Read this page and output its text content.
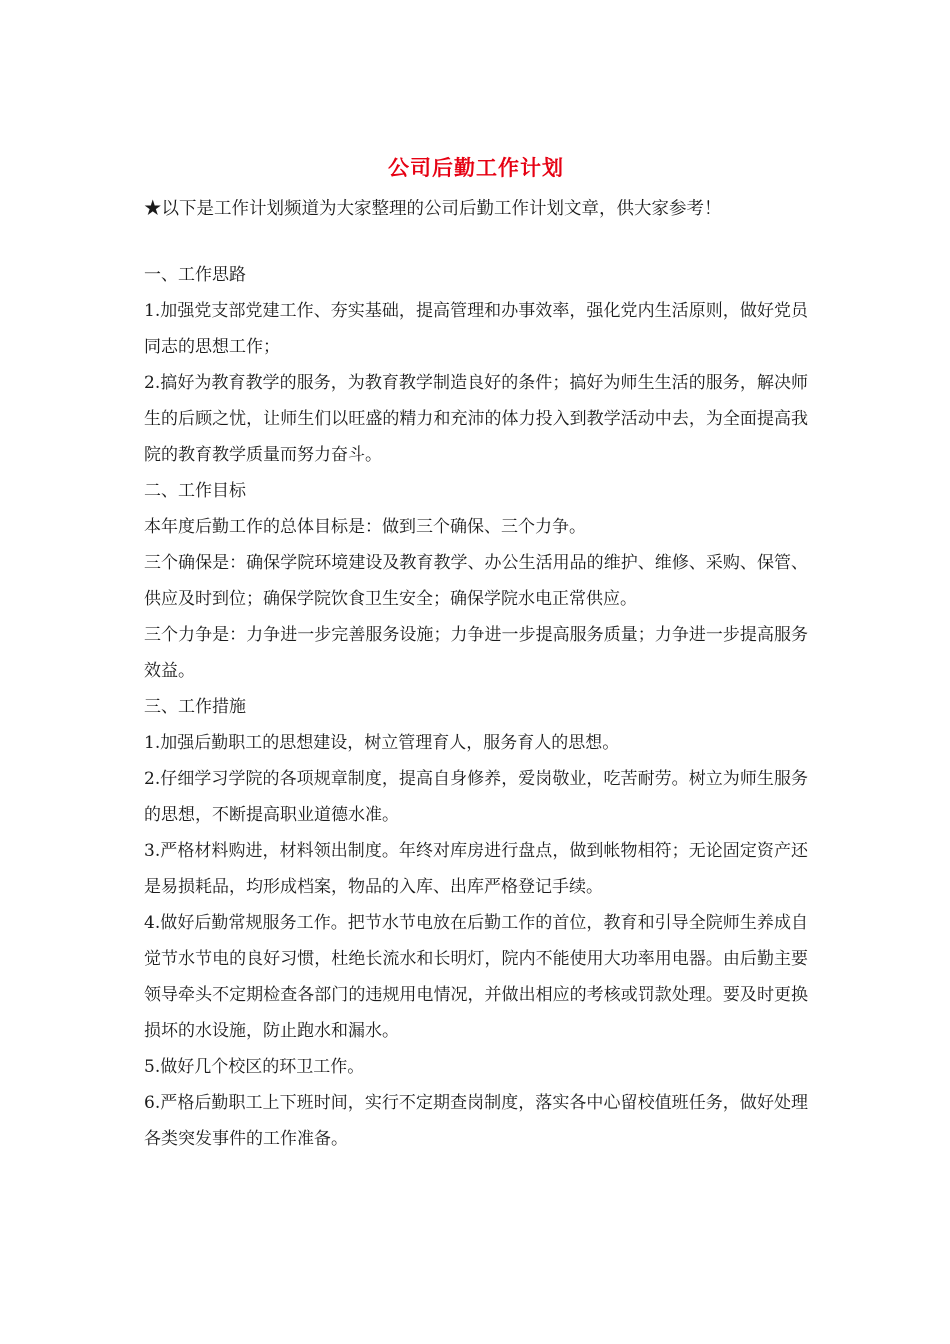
公司后勤工作计划

★以下是工作计划频道为大家整理的公司后勤工作计划文章，供大家参考！

一、工作思路

1.加强党支部党建工作、夯实基础，提高管理和办事效率，强化党内生活原则，做好党员同志的思想工作；

2.搞好为教育教学的服务，为教育教学制造良好的条件；搞好为师生生活的服务，解决师生的后顾之忧，让师生们以旺盛的精力和充沛的体力投入到教学活动中去，为全面提高我院的教育教学质量而努力奋斗。

二、工作目标

本年度后勤工作的总体目标是：做到三个确保、三个力争。

三个确保是：确保学院环境建设及教育教学、办公生活用品的维护、维修、采购、保管、供应及时到位；确保学院饮食卫生安全；确保学院水电正常供应。

三个力争是：力争进一步完善服务设施；力争进一步提高服务质量；力争进一步提高服务效益。

三、工作措施

1.加强后勤职工的思想建设，树立管理育人，服务育人的思想。

2.仔细学习学院的各项规章制度，提高自身修养，爱岗敬业，吃苦耐劳。树立为师生服务的思想，不断提高职业道德水准。

3.严格材料购进，材料领出制度。年终对库房进行盘点，做到帐物相符；无论固定资产还是易损耗品，均形成档案，物品的入库、出库严格登记手续。

4.做好后勤常规服务工作。把节水节电放在后勤工作的首位，教育和引导全院师生养成自觉节水节电的良好习惯，杜绝长流水和长明灯，院内不能使用大功率用电器。由后勤主要领导牵头不定期检查各部门的违规用电情况，并做出相应的考核或罚款处理。要及时更换损坏的水设施，防止跑水和漏水。

5.做好几个校区的环卫工作。

6.严格后勤职工上下班时间，实行不定期查岗制度，落实各中心留校值班任务，做好处理各类突发事件的工作准备。
